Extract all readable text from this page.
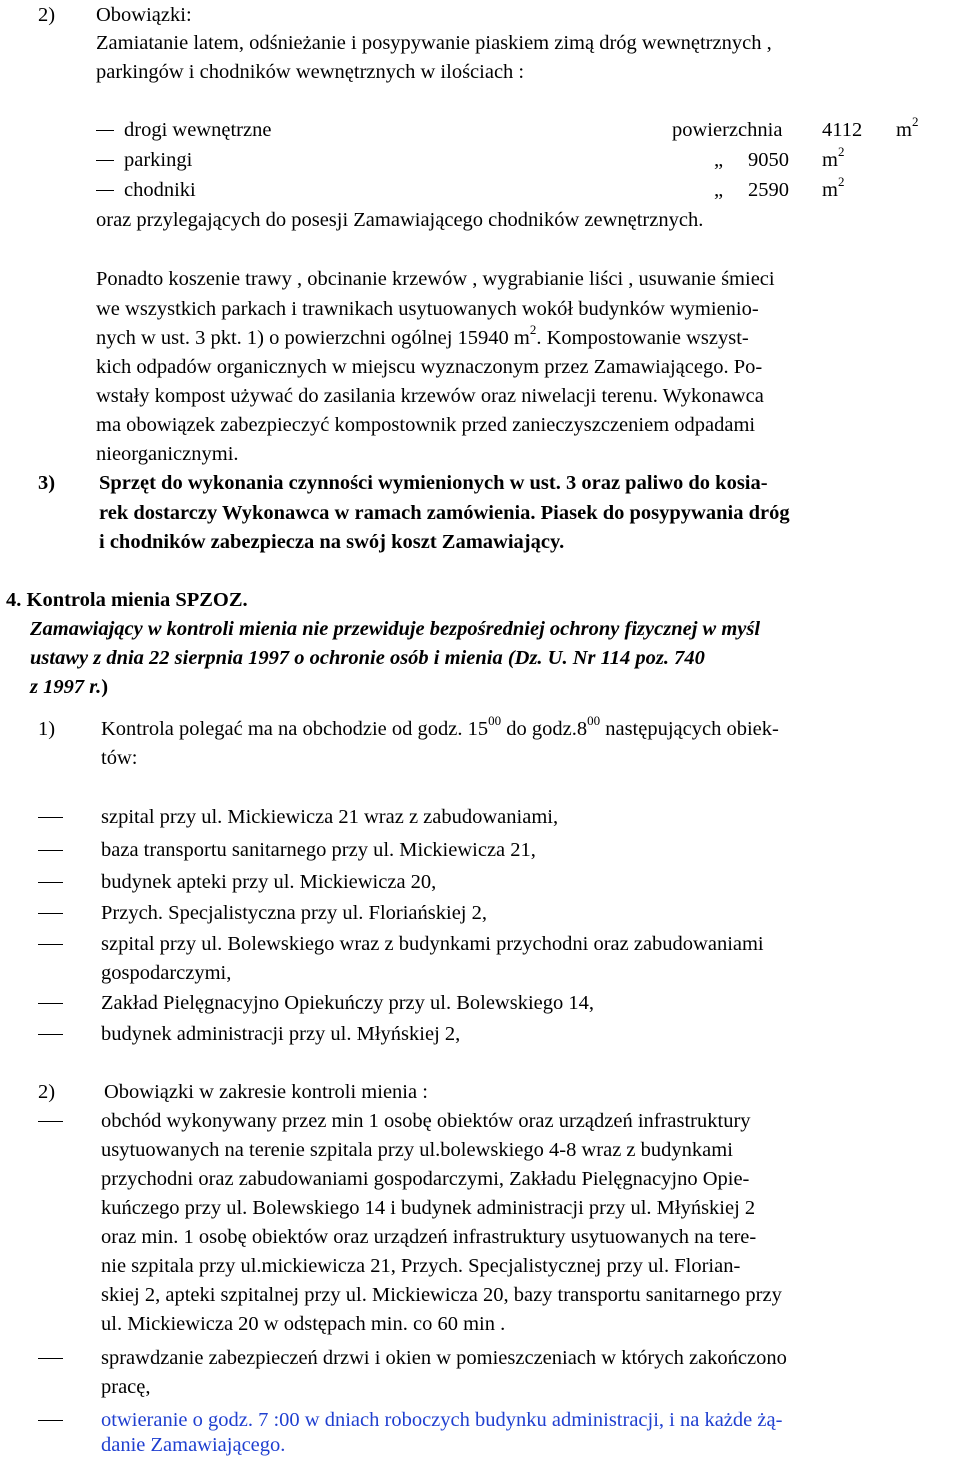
2) Obowiązki:
Zamiatanie latem, odśnieżanie i posypywanie piaskiem zimą dróg wewnętrznych ,
parkingów i chodników wewnętrznych w ilościach :
drogi wewnętrzne	powierzchnia 4112 $m^2$
parkingi	„ 9050 $m^2$
chodniki	„ 2590 $m^2$
oraz przylegających do posesji Zamawiającego chodników zewnętrznych.
Ponadto koszenie trawy , obcinanie krzewów , wygrabianie liści , usuwanie śmieci
we wszystkich parkach i trawnikach usytuowanych wokół budynków wymienio-
nych w ust. 3 pkt. 1) o powierzchni ogólnej 15940 $m^2$. Kompostowanie wszyst-
kich odpadów organicznych w miejscu wyznaczonym przez Zamawiającego. Po-
wstały kompost używać do zasilania krzewów oraz niwelacji terenu. Wykonawca
ma obowiązek zabezpieczyć kompostownik przed zanieczyszczeniem odpadami
nieorganicznymi.
3) Sprzęt do wykonania czynności wymienionych w ust. 3 oraz paliwo do kosia-
rek dostarczy Wykonawca w ramach zamówienia. Piasek do posypywania dróg
i chodników zabezpiecza na swój koszt Zamawiający.
4. Kontrola mienia SPZOZ.
Zamawiający w kontroli mienia nie przewiduje bezpośredniej ochrony fizycznej w myśl
ustawy z dnia 22 sierpnia 1997 o ochronie osób i mienia (Dz. U. Nr 114 poz. 740
z 1997 r.)
1) Kontrola polegać ma na obchodzie od godz. $15^{00}$ do $godz.8^{00}$ następujących obiek-
tów:
szpital przy ul. Mickiewicza 21 wraz z zabudowaniami,
baza transportu sanitarnego przy ul. Mickiewicza 21,
budynek apteki przy ul. Mickiewicza 20,
Przych. Specjalistyczna przy ul. Floriańskiej 2,
szpital przy ul. Bolewskiego wraz z budynkami przychodni oraz zabudowaniami
gospodarczymi,
Zakład Pielęgnacyjno Opiekuńczy przy ul. Bolewskiego 14,
budynek administracji przy ul. Młyńskiej 2,
2) Obowiązki w zakresie kontroli mienia :
obchód wykonywany przez min 1 osobę obiektów oraz urządzeń infrastruktury
usytuowanych na terenie szpitala przy ul.bolewskiego 4-8 wraz z budynkami
przychodni oraz zabudowaniami gospodarczymi, Zakładu Pielęgnacyjno Opie-
kuńczego przy ul. Bolewskiego 14 i budynek administracji przy ul. Młyńskiej 2
oraz min. 1 osobę obiektów oraz urządzeń infrastruktury usytuowanych na tere-
nie szpitala przy ul.mickiewicza 21, Przych. Specjalistycznej przy ul. Florian-
skiej 2, apteki szpitalnej przy ul. Mickiewicza 20, bazy transportu sanitarnego przy
ul. Mickiewicza 20 w odstępach min. co 60 min .
sprawdzanie zabezpieczeń drzwi i okien w pomieszczeniach w których zakończono
pracę,
otwieranie o godz. 7 :00 w dniach roboczych budynku administracji, i na każde żą-
danie Zamawiającego.
